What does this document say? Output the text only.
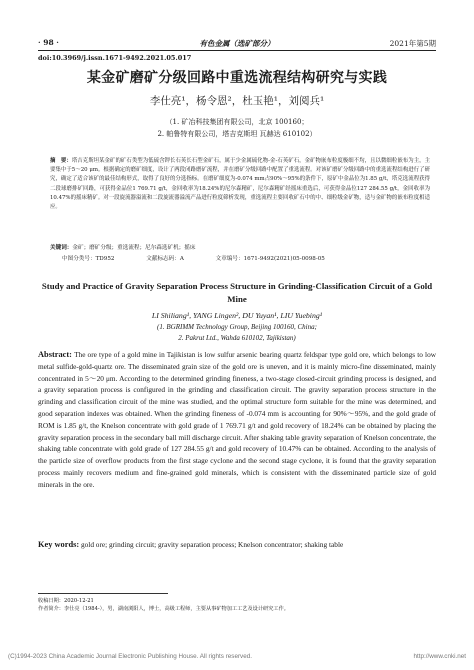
· 98 ·	有色金属（选矿部分）	2021年第5期
doi:10.3969/j.issn.1671-9492.2021.05.017
某金矿磨矿分级回路中重选流程结构研究与实践
李仕亮¹，杨令恩²，杜玉艳¹，刘阅兵¹
（1. 矿冶科技集团有限公司，北京 100160；
2. 帕鲁特有限公司，塔吉克斯坦 瓦赫达 610102）
摘　要：塔吉克斯坦某金矿的矿石类型为低硫含钾长石英长石型金矿石，属于少金属硫化物-金-石英矿石，金矿物嵌布粒度极细不均，且以微细粒嵌布为主，主要集中于5～20 μm。根据确定的磨矿细度，设计了两段闭路磨矿流程，并在磨矿分级回路中配置了重选流程。对该矿磨矿分级回路中的重选流程结构进行了研究，确定了适合该矿的最佳结构形式，取得了良好的分选指标。在磨矿细度为-0.074 mm占90%～95%的条件下，原矿中金品位为1.85 g/t，塔克选流程获得二段球磨排矿回路，可获得金品位1 769.71 g/t，金回收率为18.24%的尼尔森精矿，尼尔森精矿经摇床重选后，可获得金品位127 284.55 g/t，金回收率为10.47%的摇床精矿。对一段旋流器溢流和二段旋流器溢流产品进行粒度筛析发现，重选流程主要回收矿石中的中、细粒级金矿物，适与金矿物的嵌布粒度相适应。
关键词：金矿；磨矿分级；重选流程；尼尔森选矿机；摇床
中图分类号：TD952	文献标志码：A	文章编号：1671-9492(2021)05-0098-05
Study and Practice of Gravity Separation Process Structure in Grinding-Classification Circuit of a Gold Mine
LI Shiliang¹, YANG Lingen², DU Yuyan¹, LIU Yuebing¹
(1. BGRIMM Technology Group, Beijing 100160, China;
2. Pakrut Ltd., Wahda 610102, Tajikistan)
Abstract: The ore type of a gold mine in Tajikistan is low sulfur arsenic bearing quartz feldspar type gold ore, which belongs to low metal sulfide-gold-quartz ore. The disseminated grain size of the gold ore is uneven, and it is mainly micro-fine disseminated, mainly concentrated in 5～20 μm. According to the determined grinding fineness, a two-stage closed-circuit grinding process is designed, and a gravity separation process is configured in the grinding and classification circuit. The gravity separation process structure in the grinding and classification circuit of the mine was studied, and the optimal structure form suitable for the mine was determined, and good separation indexes was obtained. When the grinding fineness of -0.074 mm is accounting for 90%～95%, and the gold grade of ROM is 1.85 g/t, the Knelson concentrate with gold grade of 1 769.71 g/t and gold recovery of 18.24% can be obtained by placing the gravity separation process in the secondary ball mill discharge circuit. After shaking table gravity separation of Knelson concentrate, the shaking table concentrate with gold grade of 127 284.55 g/t and gold recovery of 10.47% can be obtained. According to the analysis of the particle size of overflow products from the first stage cyclone and the second stage cyclone, it is found that the gravity separation process mainly recovers medium and fine-grained gold minerals, which is consistent with the disseminated particle size of gold minerals in the ore.
Key words: gold ore; grinding circuit; gravity separation process; Knelson concentrator; shaking table
收稿日期：2020-12-21
作者简介：李仕亮（1984-），男，湖南浏阳人，博士，高级工程师，主要从事矿物加工工艺及设计研究工作。
(C)1994-2023 China Academic Journal Electronic Publishing House. All rights reserved.	http://www.cnki.net
